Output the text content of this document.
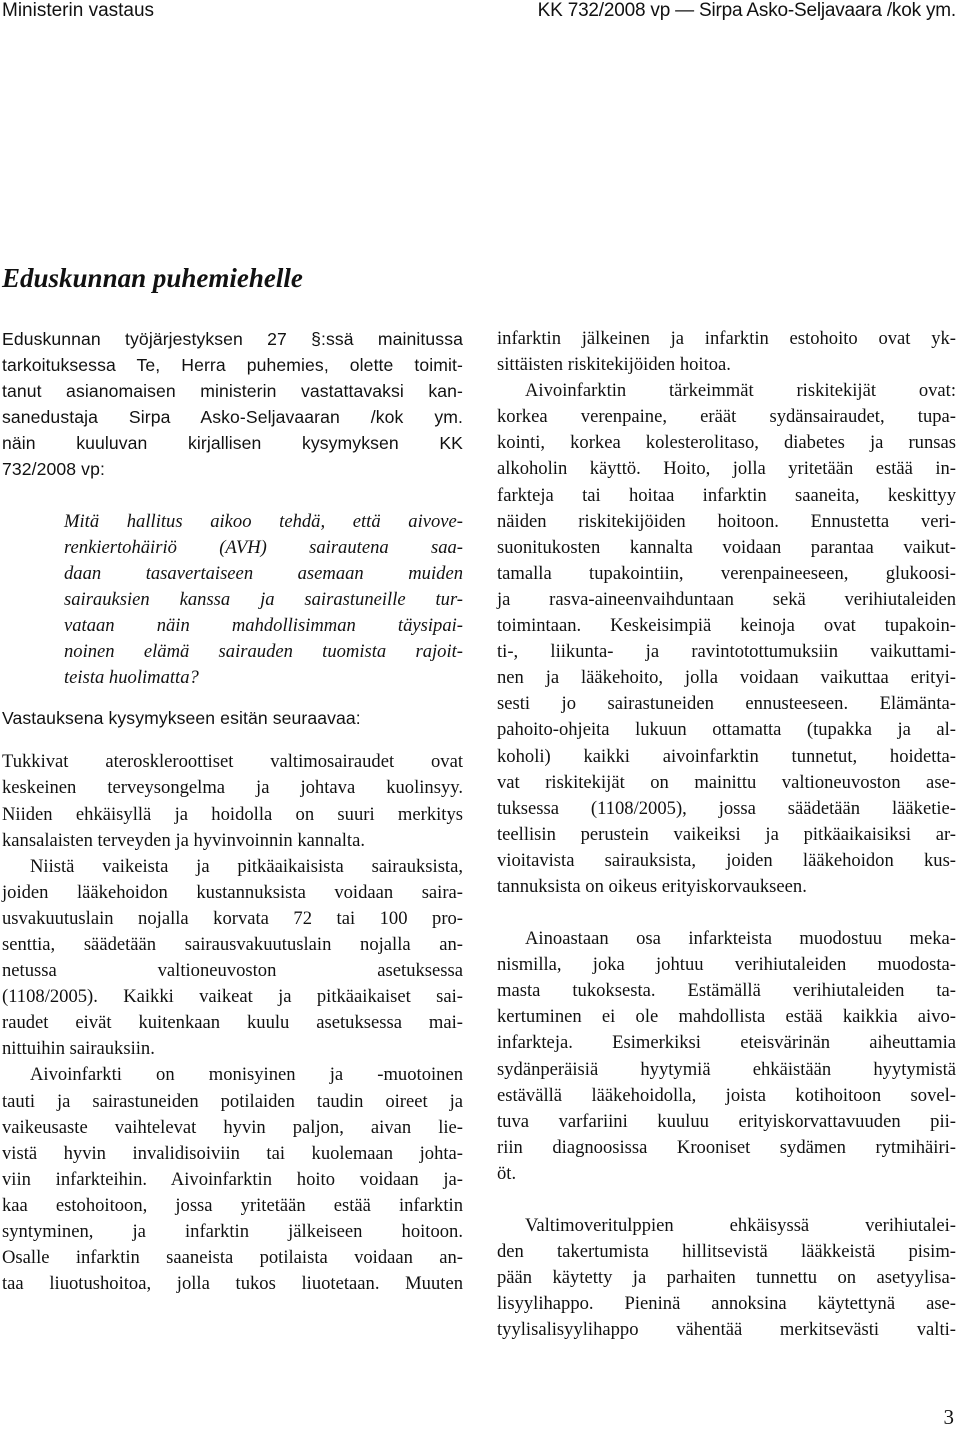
Ministerin vastaus	KK 732/2008 vp — Sirpa Asko-Seljavaara /kok ym.
Eduskunnan puhemiehelle

Eduskunnan työjärjestyksen 27 §:ssä mainitussa
tarkoituksessa Te, Herra puhemies, olette toimit-
tanut asianomaisen ministerin vastattavaksi kan-
sanedustaja Sirpa Asko-Seljavaaran /kok ym.
näin kuuluvan kirjallisen kysymyksen KK
732/2008 vp:

Mitä hallitus aikoo tehdä, että aivove-
renkiertohäiriö (AVH) sairautena saa-
daan tasavertaiseen asemaan muiden
sairauksien kanssa ja sairastuneille tur-
vataan näin mahdollisimman täysipai-
noinen elämä sairauden tuomista rajoit-
teista huolimatta?

Vastauksena kysymykseen esitän seuraavaa:

Tukkivat ateroskleroottiset valtimosairaudet ovat
keskeinen terveysongelma ja johtava kuolinsyy.
Niiden ehkäisyllä ja hoidolla on suuri merkitys
kansalaisten terveyden ja hyvinvoinnin kannalta.

Niistä vaikeista ja pitkäaikaisista sairauksista,
joiden lääkehoidon kustannuksista voidaan saira-
usvakuutuslain nojalla korvata 72 tai 100 pro-
senttia, säädetään sairausvakuutuslain nojalla an-
netussa valtioneuvoston asetuksessa
(1108/2005). Kaikki vaikeat ja pitkäaikaiset sai-
raudet eivät kuitenkaan kuulu asetuksessa mai-
nittuihin sairauksiin.

Aivoinfarkti on monisyinen ja -muotoinen
tauti ja sairastuneiden potilaiden taudin oireet ja
vaikeusaste vaihtelevat hyvin paljon, aivan lie-
vistä hyvin invalidisoiviin tai kuolemaan johta-
viin infarkteihin. Aivoinfarktin hoito voidaan ja-
kaa estohoitoon, jossa yritetään estää infarktin
syntyminen, ja infarktin jälkeiseen hoitoon.
Osalle infarktin saaneista potilaista voidaan an-
taa liuotushoitoa, jolla tukos liuotetaan. Muuten

infarktin jälkeinen ja infarktin estohoito ovat yk-
sittäisten riskitekijöiden hoitoa.

Aivoinfarktin tärkeimmät riskitekijät ovat:
korkea verenpaine, eräät sydänsairaudet, tupa-
kointi, korkea kolesterolitaso, diabetes ja runsas
alkoholin käyttö. Hoito, jolla yritetään estää in-
farkteja tai hoitaa infarktin saaneita, keskittyy
näiden riskitekijöiden hoitoon. Ennustetta veri-
suonitukosten kannalta voidaan parantaa vaikut-
tamalla tupakointiin, verenpaineeseen, glukoosi-
ja rasva-aineenvaihduntaan sekä verihiutaleiden
toimintaan. Keskeisimpiä keinoja ovat tupakoin-
ti-, liikunta- ja ravintotottumuksiin vaikuttami-
nen ja lääkehoito, jolla voidaan vaikuttaa erityi-
sesti jo sairastuneiden ennusteeseen. Elämänta-
pahoito-ohjeita lukuun ottamatta (tupakka ja al-
koholi) kaikki aivoinfarktin tunnetut, hoidetta-
vat riskitekijät on mainittu valtioneuvoston ase-
tuksessa (1108/2005), jossa säädetään lääketie-
teellisin perustein vaikeiksi ja pitkäaikaisiksi ar-
vioitavista sairauksista, joiden lääkehoidon kus-
tannuksista on oikeus erityiskorvaukseen.

Ainoastaan osa infarkteista muodostuu meka-
nismilla, joka johtuu verihiutaleiden muodosta-
masta tukoksesta. Estämällä verihiutaleiden ta-
kertuminen ei ole mahdollista estää kaikkia aivo-
infarkteja. Esimerkiksi eteisvärinän aiheuttamia
sydänperäisiä hyytymiä ehkäistään hyytymistä
estävällä lääkehoidolla, joista kotihoitoon sovel-
tuva varfariini kuuluu erityiskorvattavuuden pii-
riin diagnoosissa Krooniset sydämen rytmihäiri-
öt.

Valtimoveritulppien ehkäisyssä verihiutalei-
den takertumista hillitsevistä lääkkeistä pisim-
pään käytetty ja parhaiten tunnettu on asetyylisa-
lisyylihappo. Pieninä annoksina käytettynä ase-
tyylisalisyylihappo vähentää merkitsevästi valti-

3
